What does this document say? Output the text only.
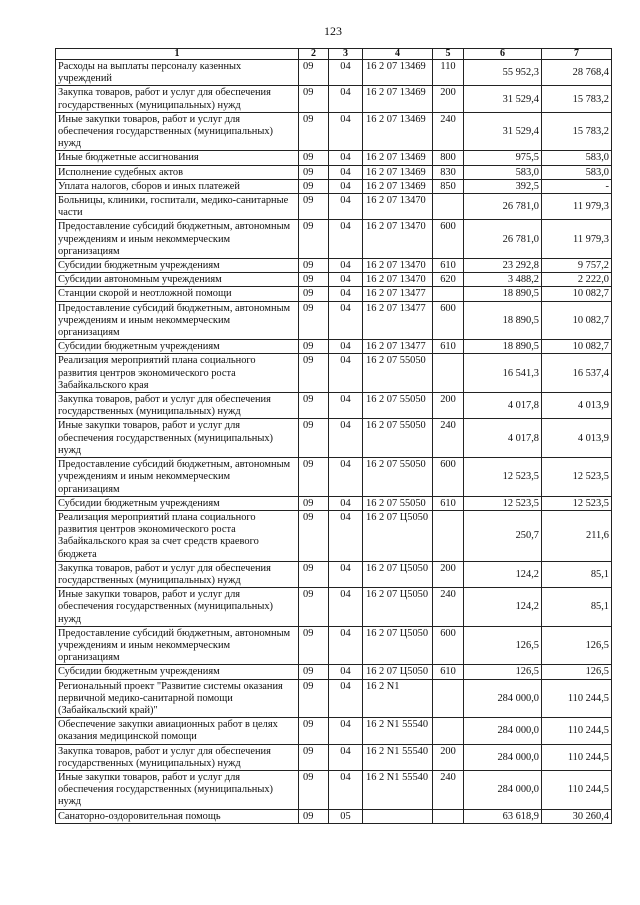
123
1	2	3	4	5	6	7
Расходы на выплаты персоналу казенных
учреждений	09	04	16 2 07 13469	110	55 952,3	28 768,4
Закупка товаров, работ и услуг для обеспечения
государственных (муниципальных) нужд	09	04	16 2 07 13469	200	31 529,4	15 783,2
Иные закупки товаров, работ и услуг для
обеспечения государственных (муниципальных)
нужд	09	04	16 2 07 13469	240	31 529,4	15 783,2
Иные бюджетные ассигнования	09	04	16 2 07 13469	800	975,5	583,0
Исполнение судебных актов	09	04	16 2 07 13469	830	583,0	583,0
Уплата налогов, сборов и иных платежей	09	04	16 2 07 13469	850	392,5	-
Больницы, клиники, госпитали, медико-санитарные
части	09	04	16 2 07 13470		26 781,0	11 979,3
Предоставление субсидий бюджетным, автономным
учреждениям и иным некоммерческим
организациям	09	04	16 2 07 13470	600	26 781,0	11 979,3
Субсидии бюджетным учреждениям	09	04	16 2 07 13470	610	23 292,8	9 757,2
Субсидии автономным учреждениям	09	04	16 2 07 13470	620	3 488,2	2 222,0
Станции скорой и неотложной помощи	09	04	16 2 07 13477		18 890,5	10 082,7
Предоставление субсидий бюджетным, автономным
учреждениям и иным некоммерческим
организациям	09	04	16 2 07 13477	600	18 890,5	10 082,7
Субсидии бюджетным учреждениям	09	04	16 2 07 13477	610	18 890,5	10 082,7
Реализация мероприятий плана социального
развития центров экономического роста
Забайкальского края	09	04	16 2 07 55050		16 541,3	16 537,4
Закупка товаров, работ и услуг для обеспечения
государственных (муниципальных) нужд	09	04	16 2 07 55050	200	4 017,8	4 013,9
Иные закупки товаров, работ и услуг для
обеспечения государственных (муниципальных)
нужд	09	04	16 2 07 55050	240	4 017,8	4 013,9
Предоставление субсидий бюджетным, автономным
учреждениям и иным некоммерческим
организациям	09	04	16 2 07 55050	600	12 523,5	12 523,5
Субсидии бюджетным учреждениям	09	04	16 2 07 55050	610	12 523,5	12 523,5
Реализация мероприятий плана социального
развития центров экономического роста
Забайкальского края за счет средств краевого
бюджета	09	04	16 2 07 Ц5050		250,7	211,6
Закупка товаров, работ и услуг для обеспечения
государственных (муниципальных) нужд	09	04	16 2 07 Ц5050	200	124,2	85,1
Иные закупки товаров, работ и услуг для
обеспечения государственных (муниципальных)
нужд	09	04	16 2 07 Ц5050	240	124,2	85,1
Предоставление субсидий бюджетным, автономным
учреждениям и иным некоммерческим
организациям	09	04	16 2 07 Ц5050	600	126,5	126,5
Субсидии бюджетным учреждениям	09	04	16 2 07 Ц5050	610	126,5	126,5
Региональный проект "Развитие системы оказания
первичной медико-санитарной помощи
(Забайкальский край)"	09	04	16 2 N1		284 000,0	110 244,5
Обеспечение закупки авиационных работ в целях
оказания медицинской помощи	09	04	16 2 N1 55540		284 000,0	110 244,5
Закупка товаров, работ и услуг для обеспечения
государственных (муниципальных) нужд	09	04	16 2 N1 55540	200	284 000,0	110 244,5
Иные закупки товаров, работ и услуг для
обеспечения государственных (муниципальных)
нужд	09	04	16 2 N1 55540	240	284 000,0	110 244,5
Санаторно-оздоровительная помощь	09	05			63 618,9	30 260,4
